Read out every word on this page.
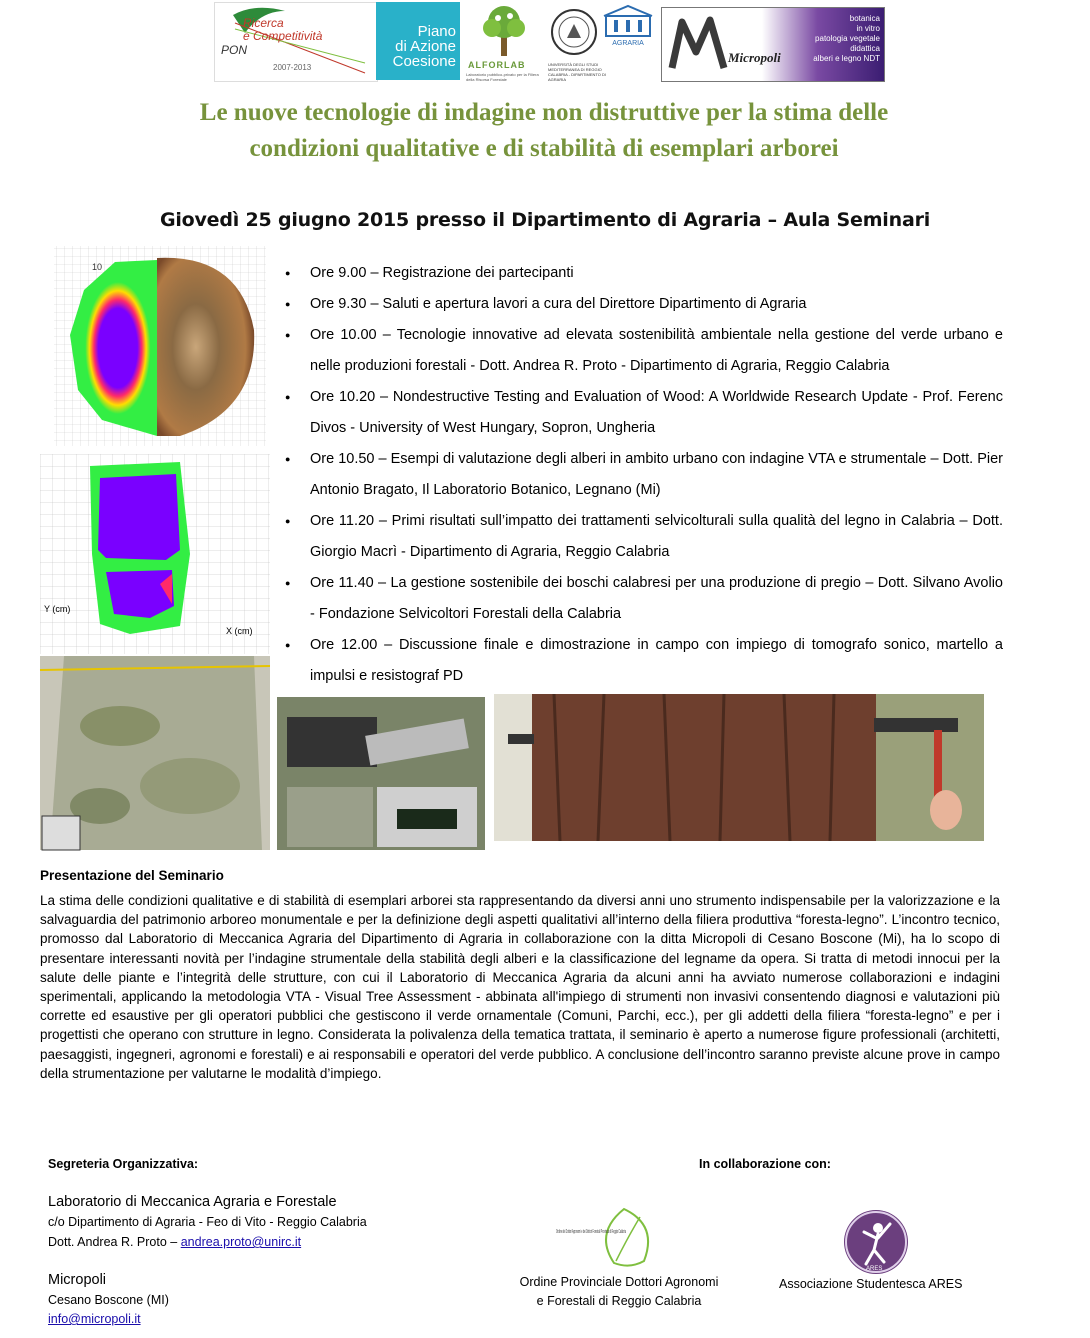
PON
Ricerca
e Competitività
2007-2013
Piano
di Azione
Coesione ALFORLAB
Laboratorio pubblico-privato per la Filiera della Risorsa Forestale
UNIVERSITÀ DEGLI STUDI MEDITERRANEA DI REGGIO CALABRIA - DIPARTIMENTO DI AGRARIA
AGRARIA
Micropoli
botanica
in vitro
patologia vegetale
didattica
alberi e legno NDT
Le nuove tecnologie di indagine non distruttive per la stima delle
condizioni qualitative e di stabilità di esemplari arborei
Giovedì 25 giugno 2015 presso il Dipartimento di Agraria – Aula Seminari
10
Y (cm)
X (cm)
● Ore 9.00 – Registrazione dei partecipanti
● Ore 9.30 – Saluti e apertura lavori a cura del Direttore Dipartimento di Agraria
● Ore 10.00 – Tecnologie innovative ad elevata sostenibilità ambientale nella gestione del verde urbano e nelle produzioni forestali - Dott. Andrea R. Proto - Dipartimento di Agraria, Reggio Calabria
● Ore 10.20 – Nondestructive Testing and Evaluation of Wood: A Worldwide Research Update - Prof. Ferenc Divos - University of West Hungary, Sopron, Ungheria
● Ore 10.50 – Esempi di valutazione degli alberi in ambito urbano con indagine VTA e strumentale – Dott. Pier Antonio Bragato, Il Laboratorio Botanico, Legnano (Mi)
● Ore 11.20 – Primi risultati sull’impatto dei trattamenti selvicolturali sulla qualità del legno in Calabria – Dott. Giorgio Macrì - Dipartimento di Agraria, Reggio Calabria
● Ore 11.40 – La gestione sostenibile dei boschi calabresi per una produzione di pregio – Dott. Silvano Avolio - Fondazione Selvicoltori Forestali della Calabria
● Ore 12.00 – Discussione finale e dimostrazione in campo con impiego di tomografo sonico, martello a impulsi e resistograf PD
Presentazione del Seminario
La stima delle condizioni qualitative e di stabilità di esemplari arborei sta rappresentando da diversi anni uno strumento indispensabile per la valorizzazione e la salvaguardia del patrimonio arboreo monumentale e per la definizione degli aspetti qualitativi all’interno della filiera produttiva “foresta-legno”. L’incontro tecnico, promosso dal Laboratorio di Meccanica Agraria del Dipartimento di Agraria in collaborazione con la ditta Micropoli di Cesano Boscone (Mi), ha lo scopo di presentare interessanti novità per l’indagine strumentale della stabilità degli alberi e la classificazione del legname da opera. Si tratta di metodi innocui per la salute delle piante e l’integrità delle strutture, con cui il Laboratorio di Meccanica Agraria da alcuni anni ha avviato numerose collaborazioni e indagini sperimentali, applicando la metodologia VTA - Visual Tree Assessment - abbinata all'impiego di strumenti non invasivi consentendo diagnosi e valutazioni più corrette ed esaustive per gli operatori pubblici che gestiscono il verde ornamentale (Comuni, Parchi, ecc.), per gli addetti della filiera “foresta-legno” e per i progettisti che operano con strutture in legno. Considerata la polivalenza della tematica trattata, il seminario è aperto a numerose figure professionali (architetti, paesaggisti, ingegneri, agronomi e forestali) e ai responsabili e operatori del verde pubblico. A conclusione dell’incontro saranno previste alcune prove in campo della strumentazione per valutarne le modalità d’impiego.
Segreteria Organizzativa:	In collaborazione con:
Laboratorio di Meccanica Agraria e Forestale
c/o Dipartimento di Agraria - Feo di Vito - Reggio Calabria
Dott. Andrea R. Proto – andrea.proto@unirc.it
Micropoli
Cesano Boscone (MI)
info@micropoli.it
Ordine dei Dottori Agronomi e dei Dottori Forestali Provincia di Reggio Calabria
Ordine Provinciale Dottori Agronomi e Forestali di Reggio Calabria
ARES
Associazione Studentesca ARES
